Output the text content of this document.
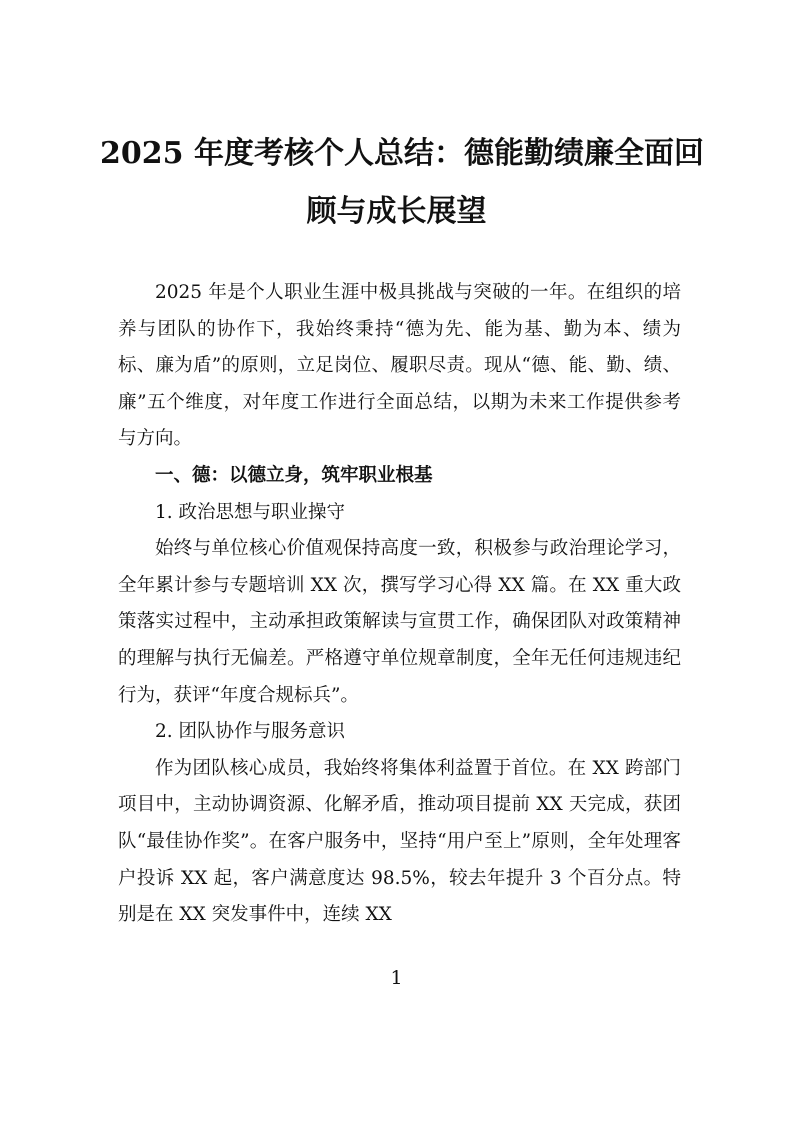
2025 年度考核个人总结：德能勤绩廉全面回
顾与成长展望

2025 年是个人职业生涯中极具挑战与突破的一年。在组织的培养与团队的协作下，我始终秉持“德为先、能为基、勤为本、绩为标、廉为盾”的原则，立足岗位、履职尽责。现从“德、能、勤、绩、廉”五个维度，对年度工作进行全面总结，以期为未来工作提供参考与方向。

一、德：以德立身，筑牢职业根基

1. 政治思想与职业操守

始终与单位核心价值观保持高度一致，积极参与政治理论学习，全年累计参与专题培训 XX 次，撰写学习心得 XX 篇。在 XX 重大政策落实过程中，主动承担政策解读与宣贯工作，确保团队对政策精神的理解与执行无偏差。严格遵守单位规章制度，全年无任何违规违纪行为，获评“年度合规标兵”。

2. 团队协作与服务意识

作为团队核心成员，我始终将集体利益置于首位。在 XX 跨部门项目中，主动协调资源、化解矛盾，推动项目提前 XX 天完成，获团队“最佳协作奖”。在客户服务中，坚持“用户至上”原则，全年处理客户投诉 XX 起，客户满意度达 98.5%，较去年提升 3 个百分点。特别是在 XX 突发事件中，连续 XX

1
